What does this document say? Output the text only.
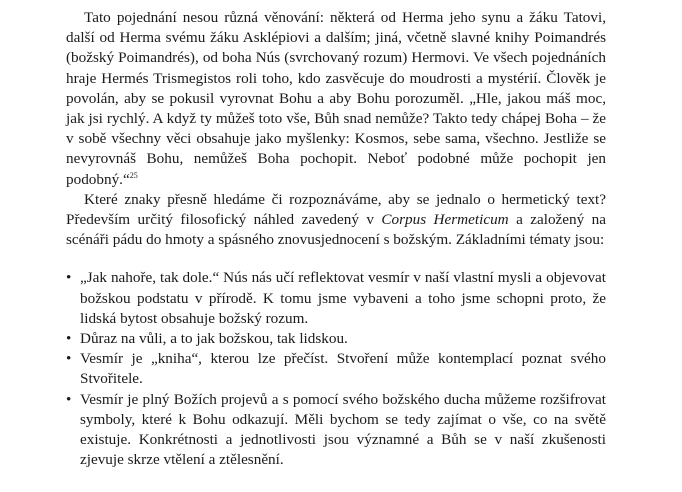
Tato pojednání nesou různá věnování: některá od Herma jeho synu a žáku Tatovi, další od Herma svému žáku Asklépiovi a dalším; jiná, včetně slavné knihy Poimandrés (božský Poimandrés), od boha Nús (svrchovaný rozum) Hermovi. Ve všech pojednáních hraje Hermés Trismegistos roli toho, kdo zasvěcuje do moudrosti a mystérií. Člověk je povolán, aby se pokusil vyrovnat Bohu a aby Bohu porozuměl. „Hle, jakou máš moc, jak jsi rychlý. A když ty můžeš toto vše, Bůh snad nemůže? Takto tedy chápej Boha – že v sobě všechny věci obsahuje jako myšlenky: Kosmos, sebe sama, všechno. Jestliže se nevyrovnáš Bohu, nemůžeš Boha pochopit. Neboť podobné může pochopit jen podobný.“$^{25}$

Které znaky přesně hledáme či rozpoznáváme, aby se jednalo o hermetický text? Především určitý filosofický náhled zavedený v Corpus Hermeticum a založený na scénáři pádu do hmoty a spásného znovusjednocení s božským. Základními tématy jsou:

• „Jak nahoře, tak dole.“ Nús nás učí reflektovat vesmír v naší vlastní mysli a objevovat božskou podstatu v přírodě. K tomu jsme vybaveni a toho jsme schopni proto, že lidská bytost obsahuje božský rozum.
• Důraz na vůli, a to jak božskou, tak lidskou.
• Vesmír je „kniha“, kterou lze přečíst. Stvoření může kontemplací poznat svého Stvořitele.
• Vesmír je plný Božích projevů a s pomocí svého božského ducha můžeme rozšifrovat symboly, které k Bohu odkazují. Měli bychom se tedy zajímat o vše, co na světě existuje. Konkrétnosti a jednotlivosti jsou významné a Bůh se v naší zkušenosti zjevuje skrze vtělení a ztělesnění.
